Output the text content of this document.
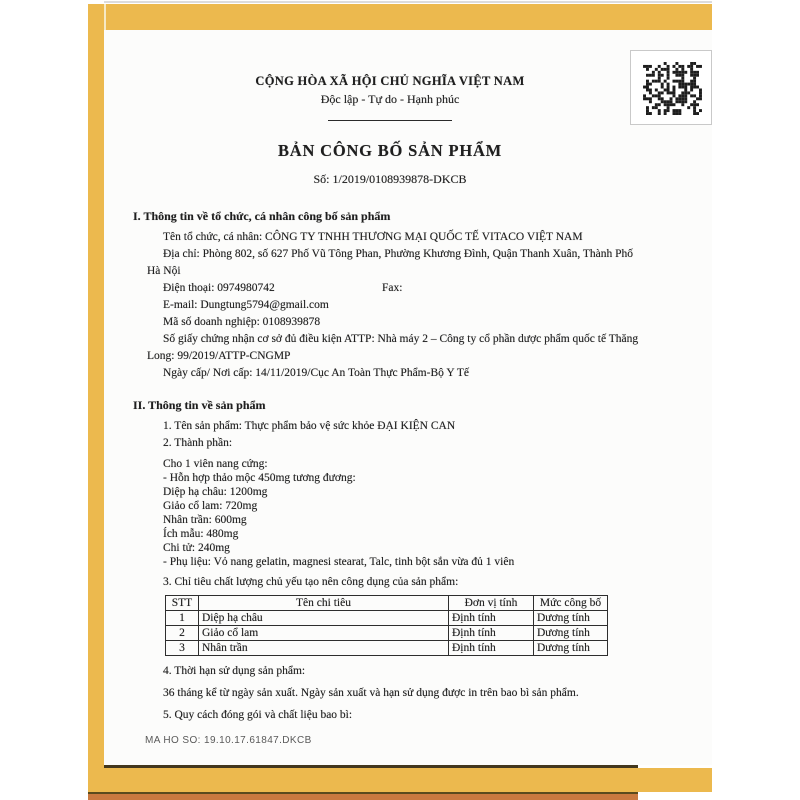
CỘNG HÒA XÃ HỘI CHỦ NGHĨA VIỆT NAM
Độc lập - Tự do - Hạnh phúc
BẢN CÔNG BỐ SẢN PHẨM
Số: 1/2019/0108939878-DKCB
I. Thông tin về tổ chức, cá nhân công bố sản phẩm

Tên tổ chức, cá nhân: CÔNG TY TNHH THƯƠNG MẠI QUỐC TẾ VITACO VIỆT NAM

Địa chỉ: Phòng 802, số 627 Phố Vũ Tông Phan, Phường Khương Đình, Quận Thanh Xuân, Thành Phố Hà Nội

Điện thoại: 0974980742	Fax:

E-mail: Dungtung5794@gmail.com

Mã số doanh nghiệp: 0108939878

Số giấy chứng nhận cơ sở đủ điều kiện ATTP: Nhà máy 2 – Công ty cổ phần dược phẩm quốc tế Thăng Long: 99/2019/ATTP-CNGMP

Ngày cấp/ Nơi cấp: 14/11/2019/Cục An Toàn Thực Phẩm-Bộ Y Tế

II. Thông tin về sản phẩm

1. Tên sản phẩm: Thực phẩm bảo vệ sức khỏe ĐẠI KIỆN CAN

2. Thành phần:

Cho 1 viên nang cứng:

- Hỗn hợp thảo mộc 450mg tương đương:

Diệp hạ châu: 1200mg

Giảo cổ lam: 720mg

Nhân trần: 600mg

Ích mẫu: 480mg

Chi tử: 240mg

- Phụ liệu: Vỏ nang gelatin, magnesi stearat, Talc, tinh bột sắn vừa đủ 1 viên

3. Chỉ tiêu chất lượng chủ yếu tạo nên công dụng của sản phẩm:

STT	Tên chi tiêu	Đơn vị tính	Mức công bố
1	Diệp hạ châu	Định tính	Dương tính
2	Giảo cổ lam	Định tính	Dương tính
3	Nhân trần	Định tính	Dương tính

4. Thời hạn sử dụng sản phẩm:

36 tháng kể từ ngày sản xuất. Ngày sản xuất và hạn sử dụng được in trên bao bì sản phẩm.

5. Quy cách đóng gói và chất liệu bao bì:

MA HO SO: 19.10.17.61847.DKCB
